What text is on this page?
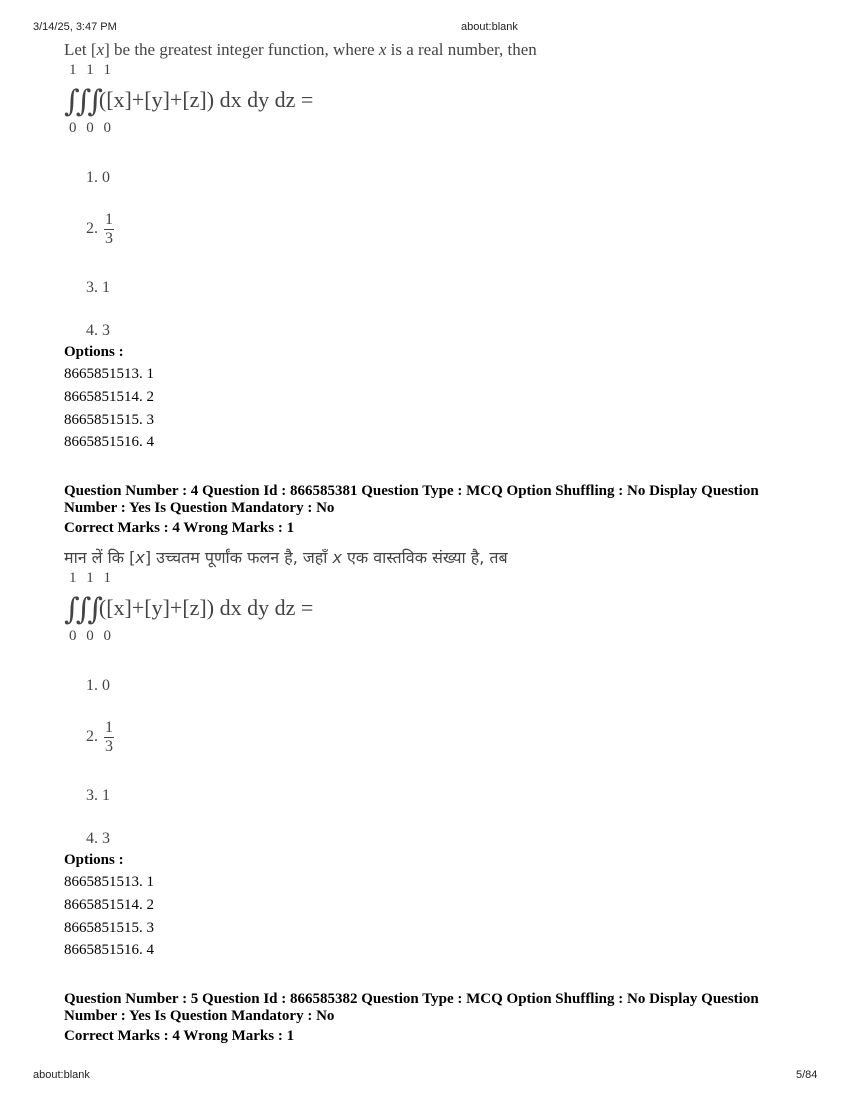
3/14/25, 3:47 PM	about:blank
about:blank	5/84
Let [x] be the greatest integer function, where x is a real number, then
1 1 1
∫∫∫([x]+[y]+[z]) dx dy dz =
0 0 0
1. 0
2. $\frac{1}{3}$
3. 1
4. 3
Options :
8665851513. 1
8665851514. 2
8665851515. 3
8665851516. 4
Question Number : 4 Question Id : 866585381 Question Type : MCQ Option Shuffling : No Display Question
Number : Yes Is Question Mandatory : No
Correct Marks : 4 Wrong Marks : 1
मान लें कि [x] उच्चतम पूर्णांक फलन है, जहाँ x एक वास्तविक संख्या है, तब
1 1 1
∫∫∫([x]+[y]+[z]) dx dy dz =
0 0 0
1. 0
2. $\frac{1}{3}$
3. 1
4. 3
Options :
8665851513. 1
8665851514. 2
8665851515. 3
8665851516. 4
Question Number : 5 Question Id : 866585382 Question Type : MCQ Option Shuffling : No Display Question
Number : Yes Is Question Mandatory : No
Correct Marks : 4 Wrong Marks : 1
